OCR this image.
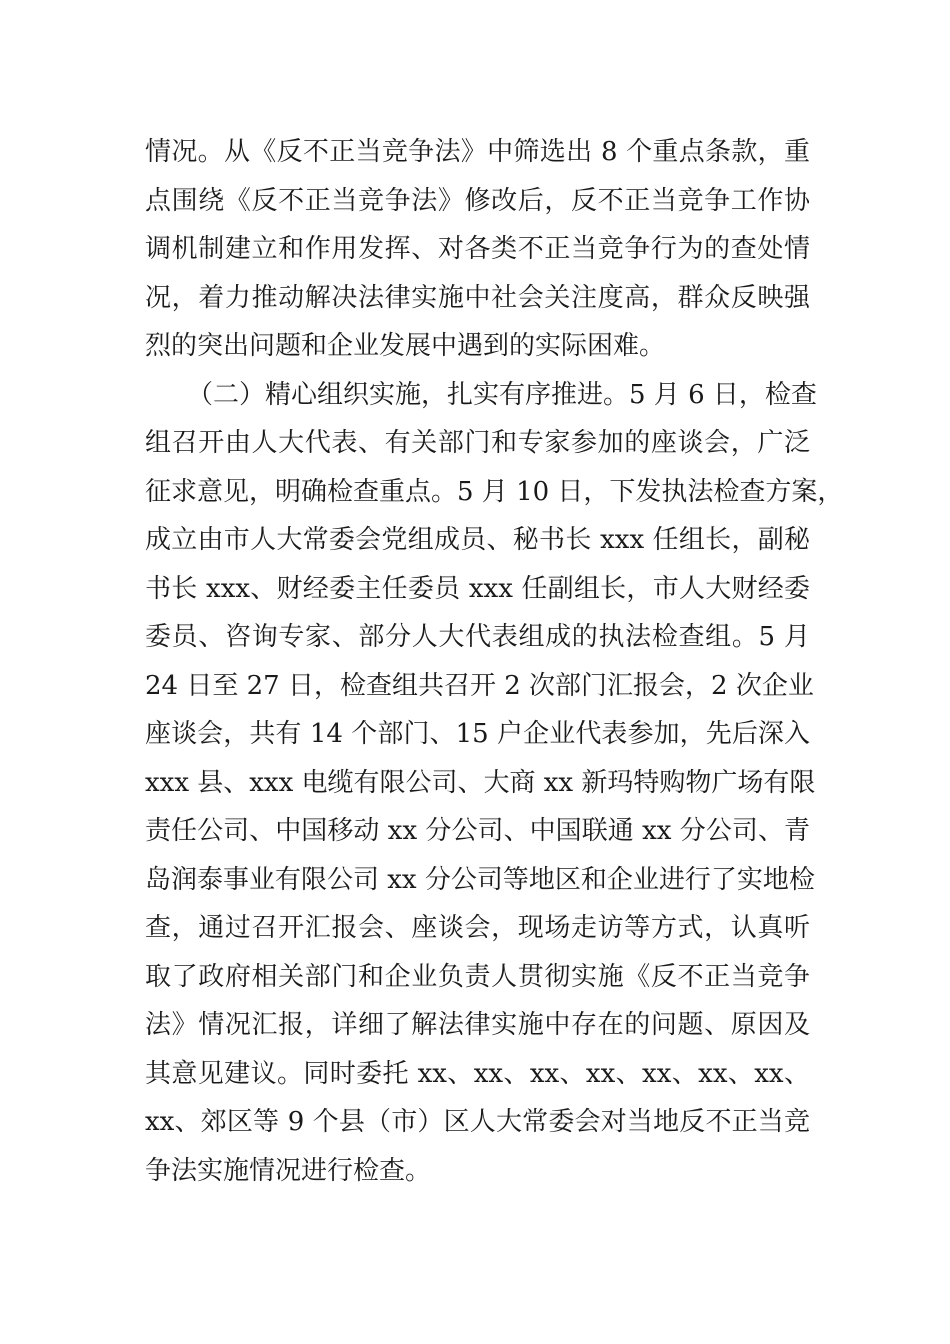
情况。从《反不正当竞争法》中筛选出 8 个重点条款，重
点围绕《反不正当竞争法》修改后，反不正当竞争工作协
调机制建立和作用发挥、对各类不正当竞争行为的查处情
况，着力推动解决法律实施中社会关注度高，群众反映强
烈的突出问题和企业发展中遇到的实际困难。
（二）精心组织实施，扎实有序推进。5 月 6 日，检查
组召开由人大代表、有关部门和专家参加的座谈会，广泛
征求意见，明确检查重点。5 月 10 日，下发执法检查方案，
成立由市人大常委会党组成员、秘书长 xxx 任组长，副秘
书长 xxx、财经委主任委员 xxx 任副组长，市人大财经委
委员、咨询专家、部分人大代表组成的执法检查组。5 月
24 日至 27 日，检查组共召开 2 次部门汇报会，2 次企业
座谈会，共有 14 个部门、15 户企业代表参加，先后深入
xxx 县、xxx 电缆有限公司、大商 xx 新玛特购物广场有限
责任公司、中国移动 xx 分公司、中国联通 xx 分公司、青
岛润泰事业有限公司 xx 分公司等地区和企业进行了实地检
查，通过召开汇报会、座谈会，现场走访等方式，认真听
取了政府相关部门和企业负责人贯彻实施《反不正当竞争
法》情况汇报，详细了解法律实施中存在的问题、原因及
其意见建议。同时委托 xx、xx、xx、xx、xx、xx、xx、
xx、郊区等 9 个县（市）区人大常委会对当地反不正当竞
争法实施情况进行检查。
